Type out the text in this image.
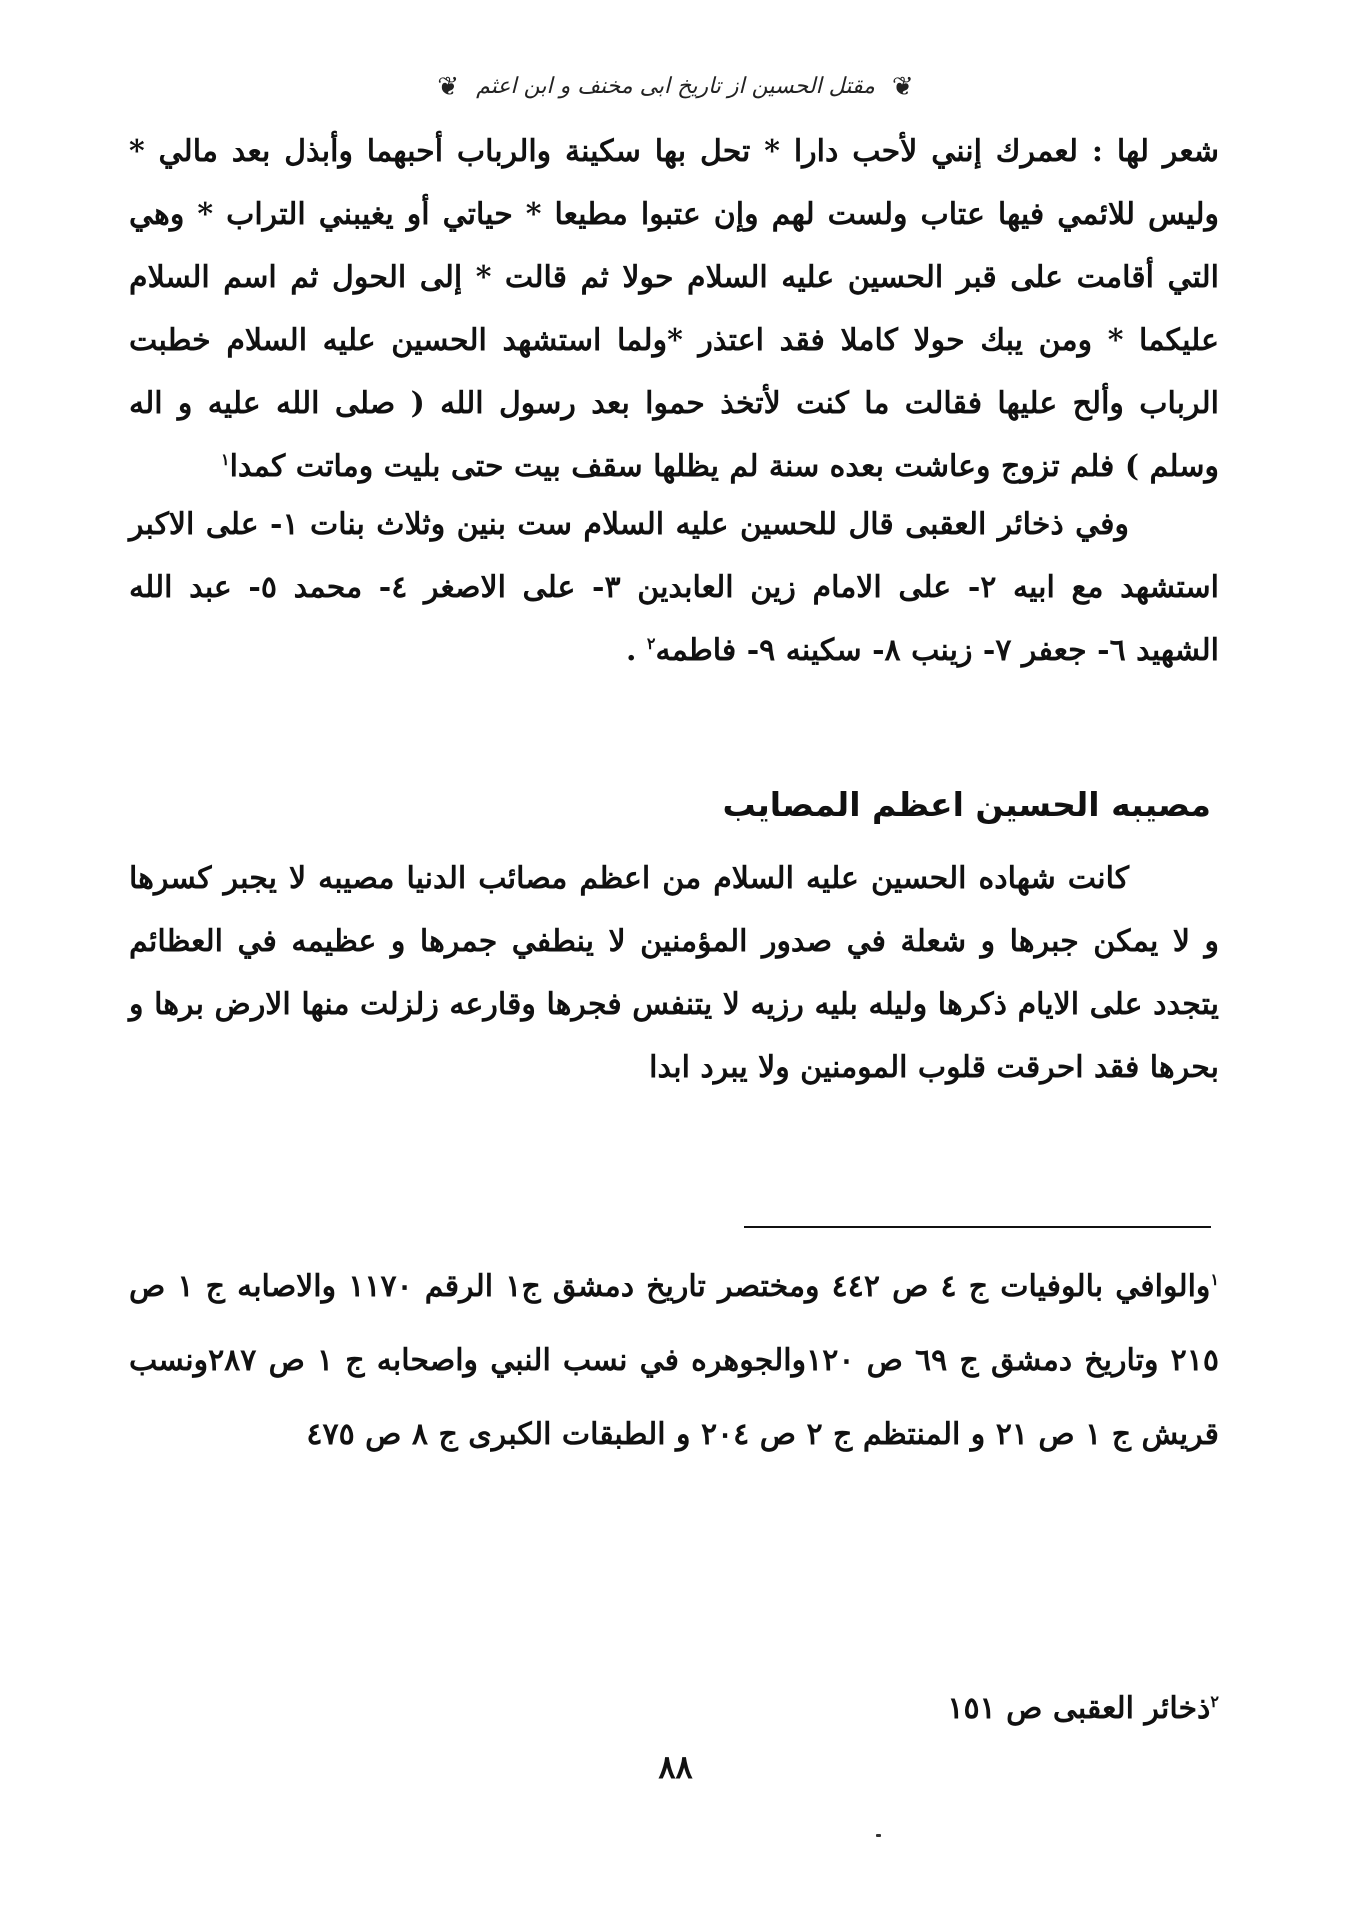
❦ مقتل الحسين از تاریخ ابی مخنف و ابن اعثم ❦
شعر لها : لعمرك إنني لأحب دارا * تحل بها سكينة والرباب أحبهما وأبذل بعد مالي * وليس للائمي فيها عتاب ولست لهم وإن عتبوا مطيعا * حياتي أو يغيبني التراب * وهي التي أقامت على قبر الحسين عليه السلام حولا ثم قالت * إلى الحول ثم اسم السلام عليكما * ومن يبك حولا كاملا فقد اعتذر *ولما استشهد الحسين عليه السلام خطبت الرباب وألح عليها فقالت ما كنت لأتخذ حموا بعد رسول الله ( صلى الله عليه و اله وسلم ) فلم تزوج وعاشت بعده سنة لم يظلها سقف بيت حتى بليت وماتت كمدا$^١$
وفي ذخائر العقبى قال للحسين عليه السلام ست بنين وثلاث بنات ١- على الاكبر استشهد مع ابيه ٢- على الامام زين العابدين ٣- على الاصغر ٤- محمد ٥- عبد الله الشهيد ٦- جعفر ٧- زينب ٨- سكينه ٩- فاطمه$^٢$ .
مصيبه الحسين اعظم المصايب
كانت شهاده الحسين عليه السلام من اعظم مصائب الدنيا مصيبه لا يجبر كسرها و لا يمكن جبرها و شعلة في صدور المؤمنين لا ينطفي جمرها و عظيمه في العظائم يتجدد على الايام ذكرها وليله بليه رزيه لا يتنفس فجرها وقارعه زلزلت منها الارض برها و بحرها فقد احرقت قلوب المومنين ولا يبرد ابدا
$^١$والوافي بالوفيات ج ٤ ص ٤٤٢ ومختصر تاريخ دمشق ج١ الرقم ١١٧٠ والاصابه ج ١ ص ٢١٥ وتاريخ دمشق ج ٦٩ ص ١٢٠والجوهره في نسب النبي واصحابه ج ١ ص ٢٨٧ونسب قريش ج ١ ص ٢١ و المنتظم ج ٢ ص ٢٠٤ و الطبقات الكبرى ج ٨ ص ٤٧٥
$^٢$ذخائر العقبى ص ١٥١
٨٨
